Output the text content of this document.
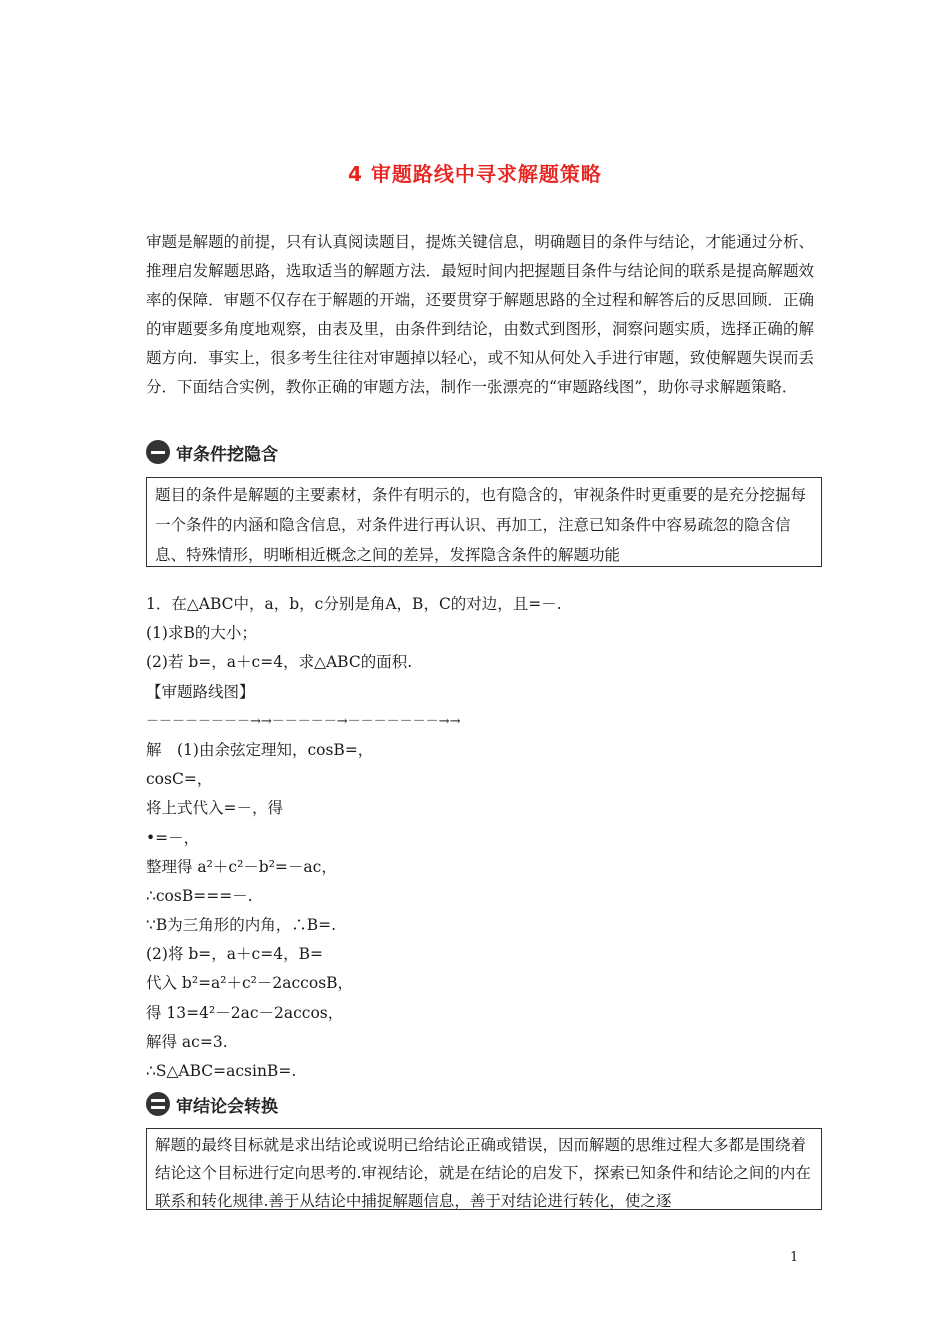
4 审题路线中寻求解题策略

审题是解题的前提，只有认真阅读题目，提炼关键信息，明确题目的条件与结论，才能通过分析、推理启发解题思路，选取适当的解题方法．最短时间内把握题目条件与结论间的联系是提高解题效率的保障．审题不仅存在于解题的开端，还要贯穿于解题思路的全过程和解答后的反思回顾．正确的审题要多角度地观察，由表及里，由条件到结论，由数式到图形，洞察问题实质，选择正确的解题方向．事实上，很多考生往往对审题掉以轻心，或不知从何处入手进行审题，致使解题失误而丢分．下面结合实例，教你正确的审题方法，制作一张漂亮的“审题路线图”，助你寻求解题策略．

审条件挖隐含
题目的条件是解题的主要素材，条件有明示的，也有隐含的，审视条件时更重要的是充分挖掘每一个条件的内涵和隐含信息，对条件进行再认识、再加工，注意已知条件中容易疏忽的隐含信息、特殊情形，明晰相近概念之间的差异，发挥隐含条件的解题功能
1．在△ABC中，a，b，c分别是角A，B，C的对边，且=－.
(1)求B的大小；
(2)若 b=，a＋c=4，求△ABC的面积.
【审题路线图】
－－－－－－－－→→－－－－－→－－－－－－－→→
解　(1)由余弦定理知，cosB=，
cosC=，
将上式代入=－，得
•=－，
整理得 a²＋c²－b²=－ac，
∴cosB===－.
∵B为三角形的内角，∴B=.
(2)将 b=，a＋c=4，B=
代入 b²=a²＋c²－2accosB，
得 13=4²－2ac－2accos，
解得 ac=3.
∴S△ABC=acsinB=.
审结论会转换
解题的最终目标就是求出结论或说明已给结论正确或错误，因而解题的思维过程大多都是围绕着结论这个目标进行定向思考的.审视结论，就是在结论的启发下，探索已知条件和结论之间的内在联系和转化规律.善于从结论中捕捉解题信息，善于对结论进行转化，使之逐
1
